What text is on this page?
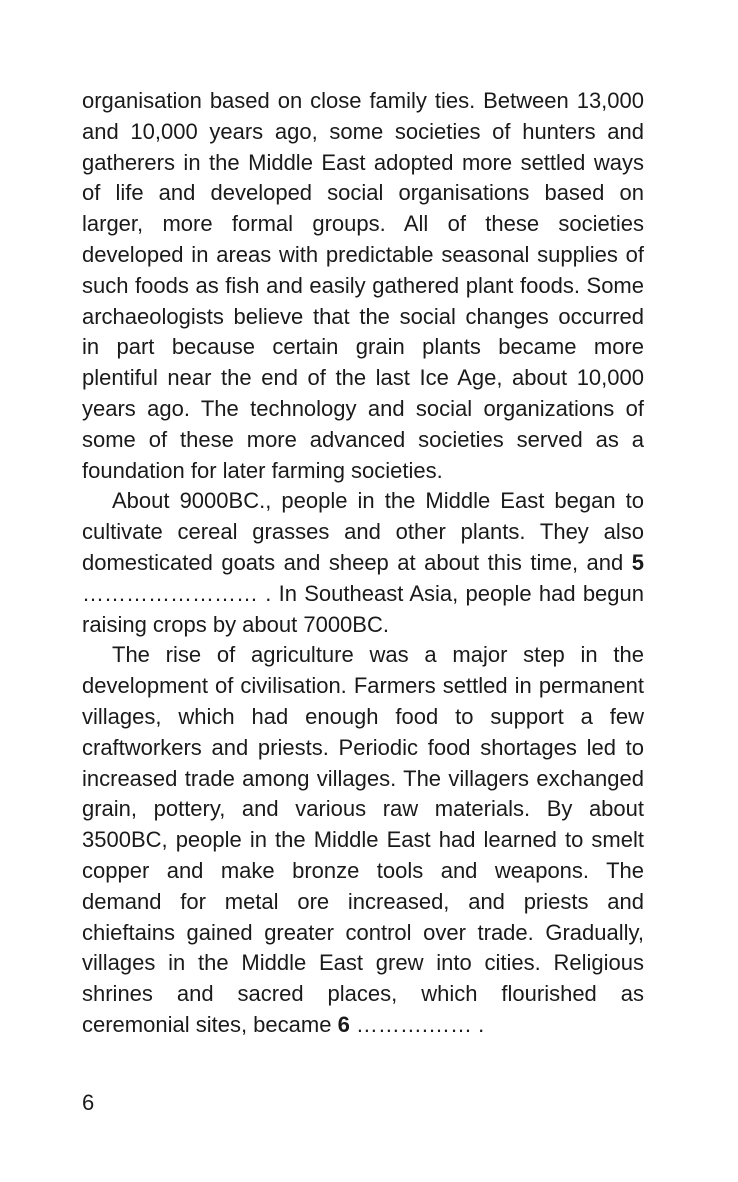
organisation based on close family ties. Between 13,000 and 10,000 years ago, some societies of hunters and gatherers in the Middle East adopted more settled ways of life and developed social organisations based on larger, more formal groups. All of these societies developed in areas with predictable seasonal supplies of such foods as fish and easily gathered plant foods. Some archaeologists believe that the social changes occurred in part because certain grain plants became more plentiful near the end of the last Ice Age, about 10,000 years ago. The technology and social organizations of some of these more advanced societies served as a foundation for later farming societies.

About 9000BC., people in the Middle East began to cultivate cereal grasses and other plants. They also domesticated goats and sheep at about this time, and 5 …………………… . In Southeast Asia, people had begun raising crops by about 7000BC.

The rise of agriculture was a major step in the development of civilisation. Farmers settled in permanent villages, which had enough food to support a few craftworkers and priests. Periodic food shortages led to increased trade among villages. The villagers exchanged grain, pottery, and various raw materials. By about 3500BC, people in the Middle East had learned to smelt copper and make bronze tools and weapons. The demand for metal ore increased, and priests and chieftains gained greater control over trade. Gradually, villages in the Middle East grew into cities. Religious shrines and sacred places, which flourished as ceremonial sites, became 6 ……….…… .

6
